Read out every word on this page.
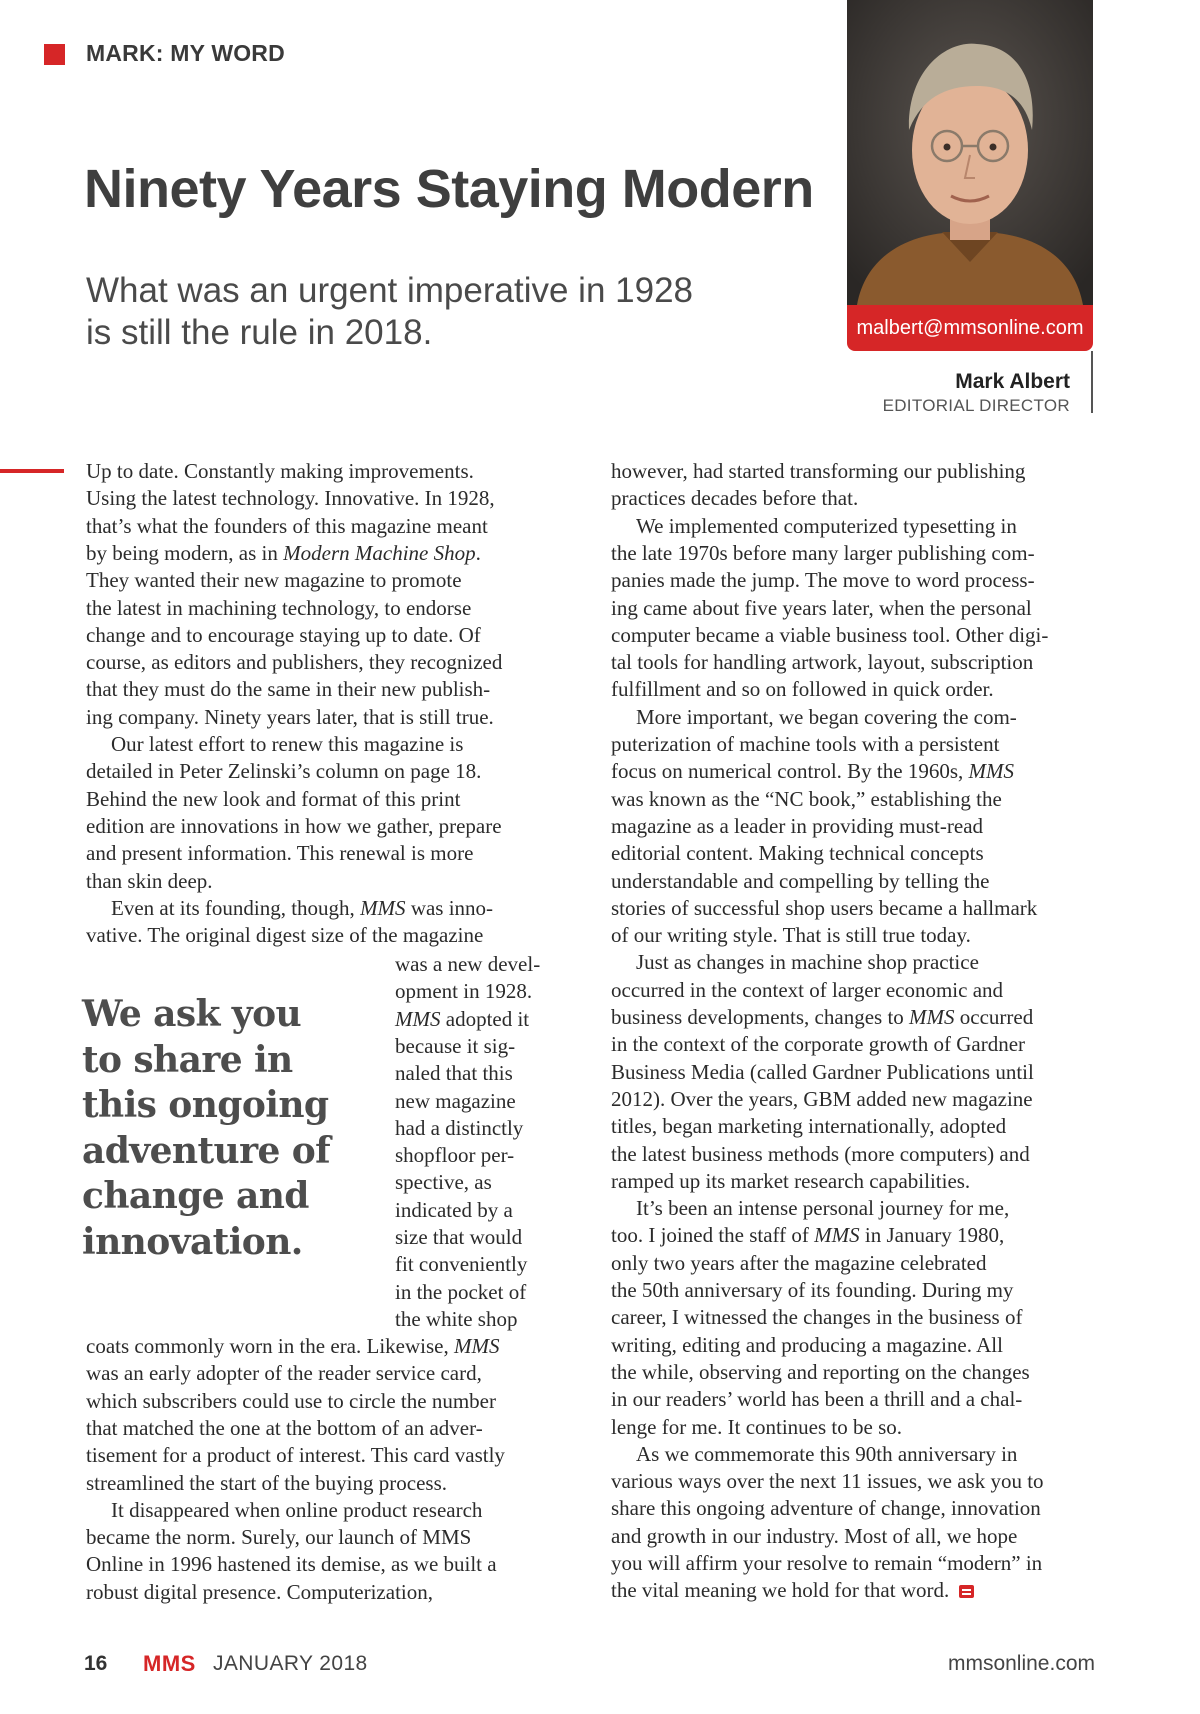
MARK: MY WORD
Ninety Years Staying Modern
What was an urgent imperative in 1928
is still the rule in 2018.	malbert@mmsonline.com
Mark Albert
EDITORIAL DIRECTOR
Up to date. Constantly making improvements.
Using the latest technology. Innovative. In 1928,
that’s what the founders of this magazine meant
by being modern, as in Modern Machine Shop.
They wanted their new magazine to promote
the latest in machining technology, to endorse
change and to encourage staying up to date. Of
course, as editors and publishers, they recognized
that they must do the same in their new publish-
ing company. Ninety years later, that is still true.
Our latest effort to renew this magazine is
detailed in Peter Zelinski’s column on page 18.
Behind the new look and format of this print
edition are innovations in how we gather, prepare
and present information. This renewal is more
than skin deep.
Even at its founding, though, MMS was inno-
vative. The original digest size of the magazine
was a new devel-
opment in 1928.
MMS adopted it
because it sig-
naled that this
new magazine
had a distinctly
shopfloor per-
spective, as
indicated by a
size that would
fit conveniently
in the pocket of
the white shop
coats commonly worn in the era. Likewise, MMS
was an early adopter of the reader service card,
which subscribers could use to circle the number
that matched the one at the bottom of an adver-
tisement for a product of interest. This card vastly
streamlined the start of the buying process.
It disappeared when online product research
became the norm. Surely, our launch of MMS
Online in 1996 hastened its demise, as we built a
robust digital presence. Computerization,
however, had started transforming our publishing
practices decades before that.
We implemented computerized typesetting in
the late 1970s before many larger publishing com-
panies made the jump. The move to word process-
ing came about five years later, when the personal
computer became a viable business tool. Other digi-
tal tools for handling artwork, layout, subscription
fulfillment and so on followed in quick order.
More important, we began covering the com-
puterization of machine tools with a persistent
focus on numerical control. By the 1960s, MMS
was known as the “NC book,” establishing the
magazine as a leader in providing must-read
editorial content. Making technical concepts
understandable and compelling by telling the
stories of successful shop users became a hallmark
of our writing style. That is still true today.
Just as changes in machine shop practice
occurred in the context of larger economic and
business developments, changes to MMS occurred
in the context of the corporate growth of Gardner
Business Media (called Gardner Publications until
2012). Over the years, GBM added new magazine
titles, began marketing internationally, adopted
the latest business methods (more computers) and
ramped up its market research capabilities.
It’s been an intense personal journey for me,
too. I joined the staff of MMS in January 1980,
only two years after the magazine celebrated
the 50th anniversary of its founding. During my
career, I witnessed the changes in the business of
writing, editing and producing a magazine. All
the while, observing and reporting on the changes
in our readers’ world has been a thrill and a chal-
lenge for me. It continues to be so.
As we commemorate this 90th anniversary in
various ways over the next 11 issues, we ask you to
share this ongoing adventure of change, innovation
and growth in our industry. Most of all, we hope
you will affirm your resolve to remain “modern” in
the vital meaning we hold for that word.
We ask you
to share in
this ongoing
adventure of
change and
innovation.
16 MMS JANUARY 2018	mmsonline.com
